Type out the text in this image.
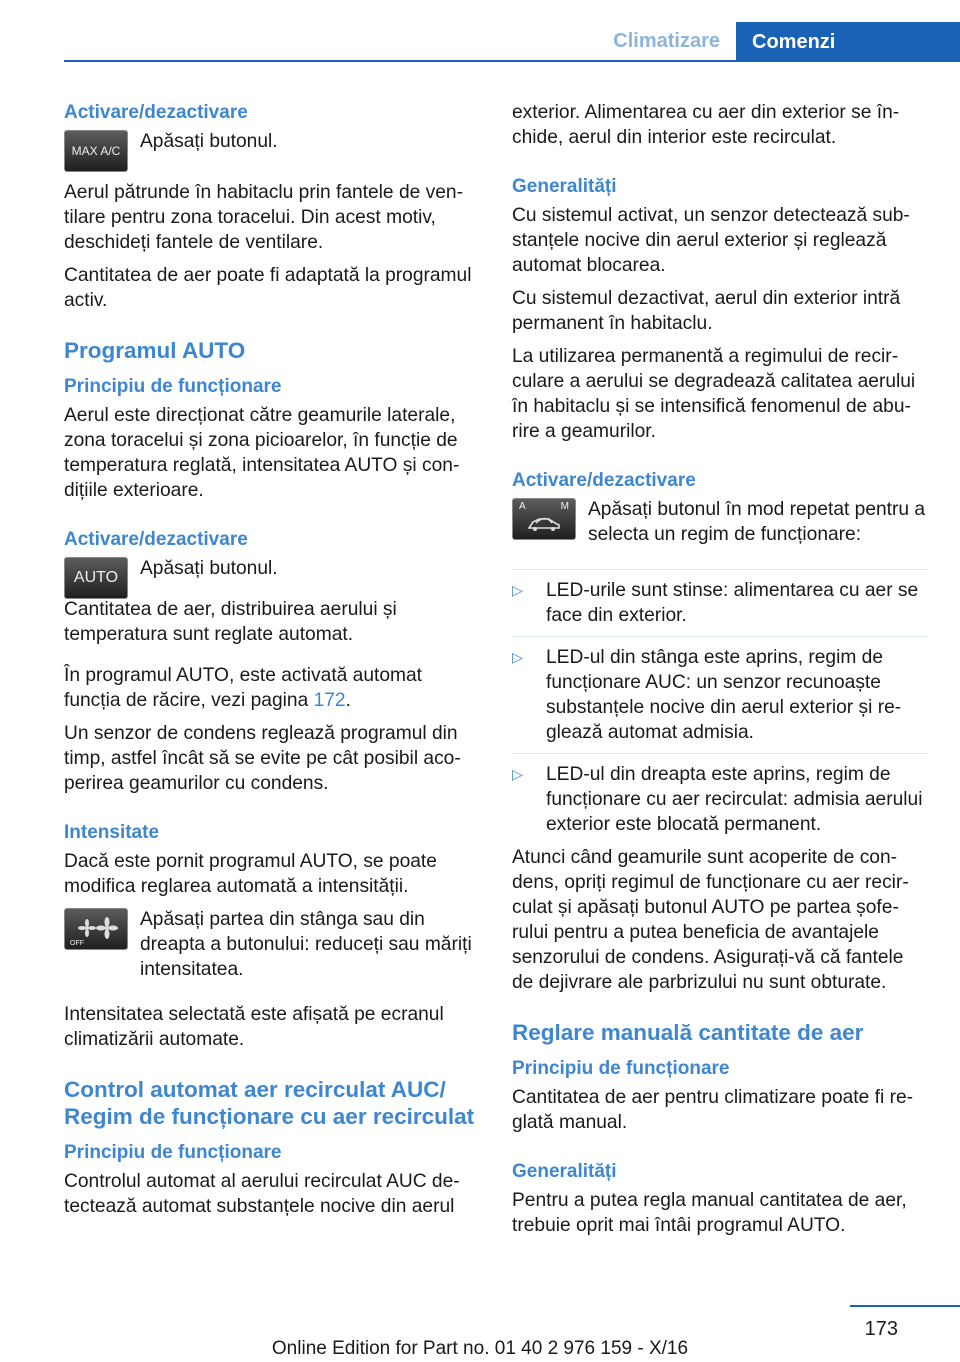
Climatizare Comenzi
Activare/dezactivare
MAX A/C Apăsați butonul.

Aerul pătrunde în habitaclu prin fantele de ventilare pentru zona toracelui. Din acest motiv, deschideți fantele de ventilare.

Cantitatea de aer poate fi adaptată la programul activ.

Programul AUTO
Principiu de funcționare

Aerul este direcționat către geamurile laterale, zona toracelui și zona picioarelor, în funcție de temperatura reglată, intensitatea AUTO și condițiile exterioare.

Activare/dezactivare
AUTO Apăsați butonul.

Cantitatea de aer, distribuirea aerului și temperatura sunt reglate automat.

În programul AUTO, este activată automat funcția de răcire, vezi pagina 172.

Un senzor de condens reglează programul din timp, astfel încât să se evite pe cât posibil acoperirea geamurilor cu condens.

Intensitate

Dacă este pornit programul AUTO, se poate modifica reglarea automată a intensității.

OFF

Apăsați partea din stânga sau din dreapta a butonului: reduceți sau măriți intensitatea.

Intensitatea selectată este afișată pe ecranul climatizării automate.

Control automat aer recirculat AUC/ Regim de funcționare cu aer recirculat
Principiu de funcționare

Controlul automat al aerului recirculat AUC detectează automat substanțele nocive din aerul

exterior. Alimentarea cu aer din exterior se închide, aerul din interior este recirculat.

Generalități

Cu sistemul activat, un senzor detectează substanțele nocive din aerul exterior și reglează automat blocarea.

Cu sistemul dezactivat, aerul din exterior intră permanent în habitaclu.

La utilizarea permanentă a regimului de recirculare a aerului se degradează calitatea aerului în habitaclu și se intensifică fenomenul de aburire a geamurilor.

Activare/dezactivare
A	M Apăsați butonul în mod repetat pentru a selecta un regim de funcționare:

▷	LED-urile sunt stinse: alimentarea cu aer se face din exterior.
▷	LED-ul din stânga este aprins, regim de funcționare AUC: un senzor recunoaște substanțele nocive din aerul exterior și reglează automat admisia.
▷	LED-ul din dreapta este aprins, regim de funcționare cu aer recirculat: admisia aerului exterior este blocată permanent.

Atunci când geamurile sunt acoperite de condens, opriți regimul de funcționare cu aer recirculat și apăsați butonul AUTO pe partea șoferului pentru a putea beneficia de avantajele senzorului de condens. Asigurați-vă că fantele de dejivrare ale parbrizului nu sunt obturate.

Reglare manuală cantitate de aer
Principiu de funcționare

Cantitatea de aer pentru climatizare poate fi reglată manual.

Generalități

Pentru a putea regla manual cantitatea de aer, trebuie oprit mai întâi programul AUTO.

173
Online Edition for Part no. 01 40 2 976 159 - X/16
